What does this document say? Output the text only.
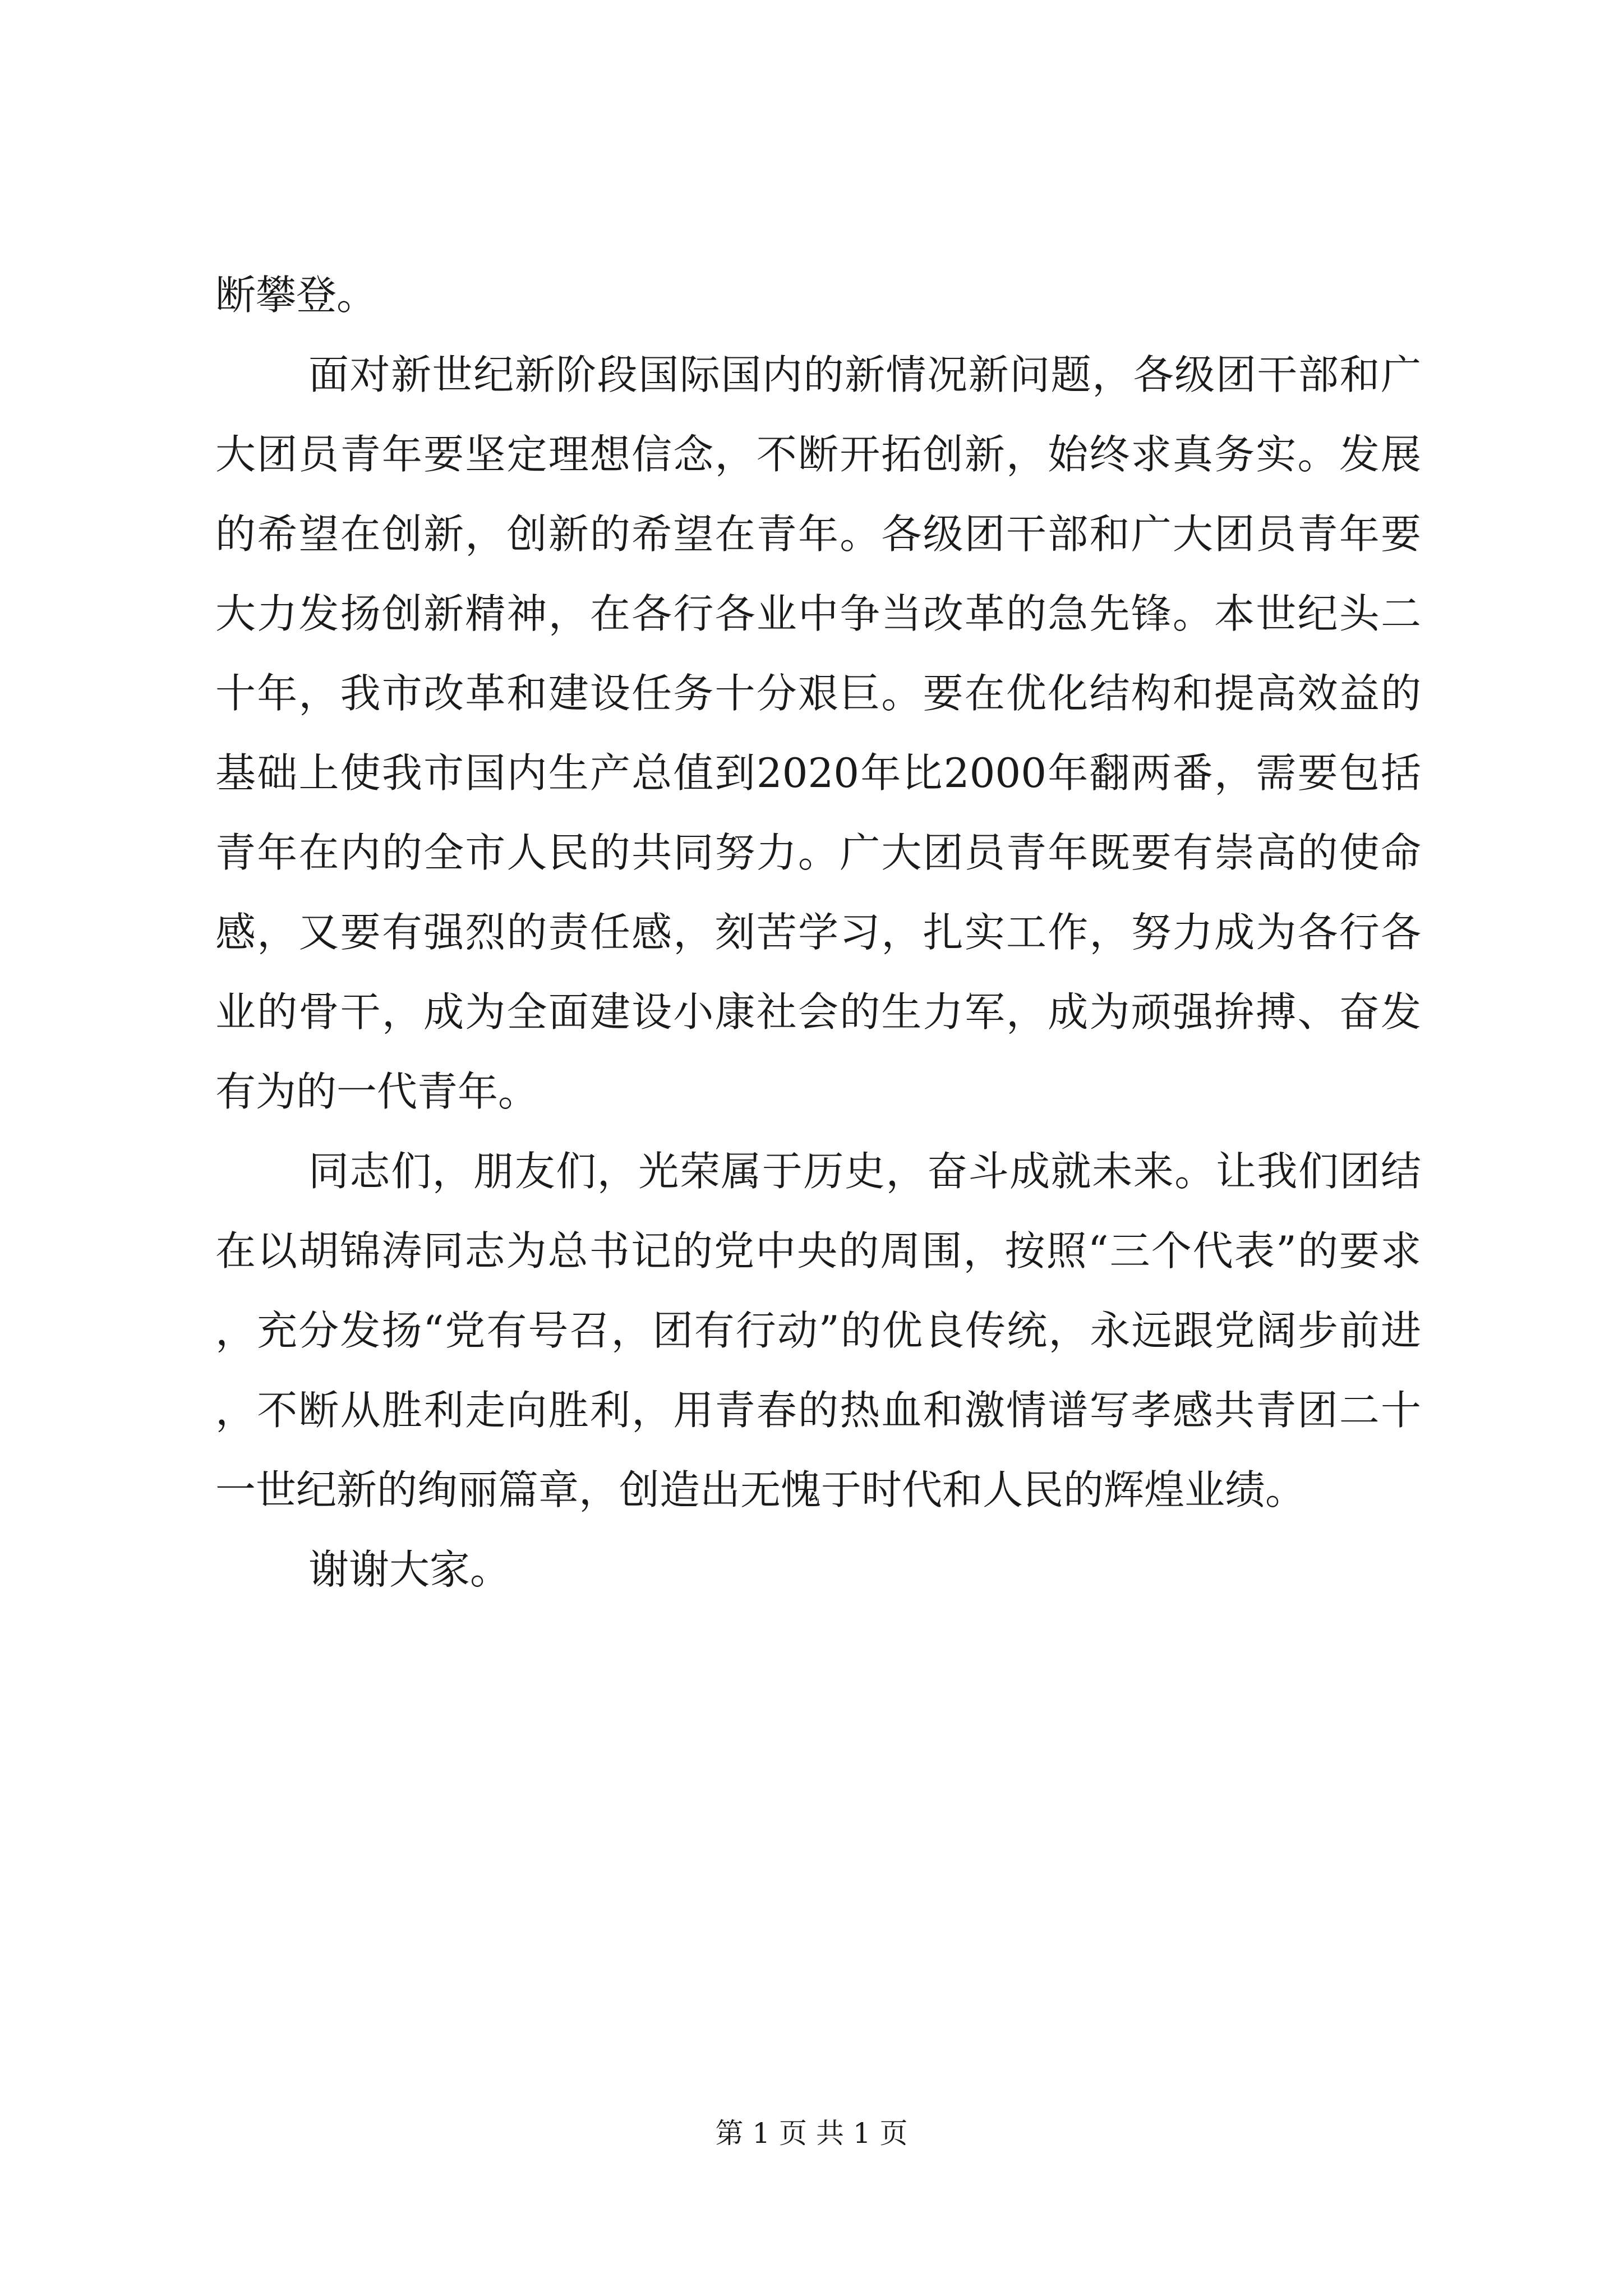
断攀登。

面对新世纪新阶段国际国内的新情况新问题，各级团干部和广大团员青年要坚定理想信念，不断开拓创新，始终求真务实。发展的希望在创新，创新的希望在青年。各级团干部和广大团员青年要大力发扬创新精神，在各行各业中争当改革的急先锋。本世纪头二十年，我市改革和建设任务十分艰巨。要在优化结构和提高效益的基础上使我市国内生产总值到2020年比2000年翻两番，需要包括青年在内的全市人民的共同努力。广大团员青年既要有崇高的使命感，又要有强烈的责任感，刻苦学习，扎实工作，努力成为各行各业的骨干，成为全面建设小康社会的生力军，成为顽强拚搏、奋发有为的一代青年。

同志们，朋友们，光荣属于历史，奋斗成就未来。让我们团结在以胡锦涛同志为总书记的党中央的周围，按照“三个代表”的要求，充分发扬“党有号召，团有行动”的优良传统，永远跟党阔步前进，不断从胜利走向胜利，用青春的热血和激情谱写孝感共青团二十一世纪新的绚丽篇章，创造出无愧于时代和人民的辉煌业绩。

谢谢大家。

第 1 页 共 1 页
